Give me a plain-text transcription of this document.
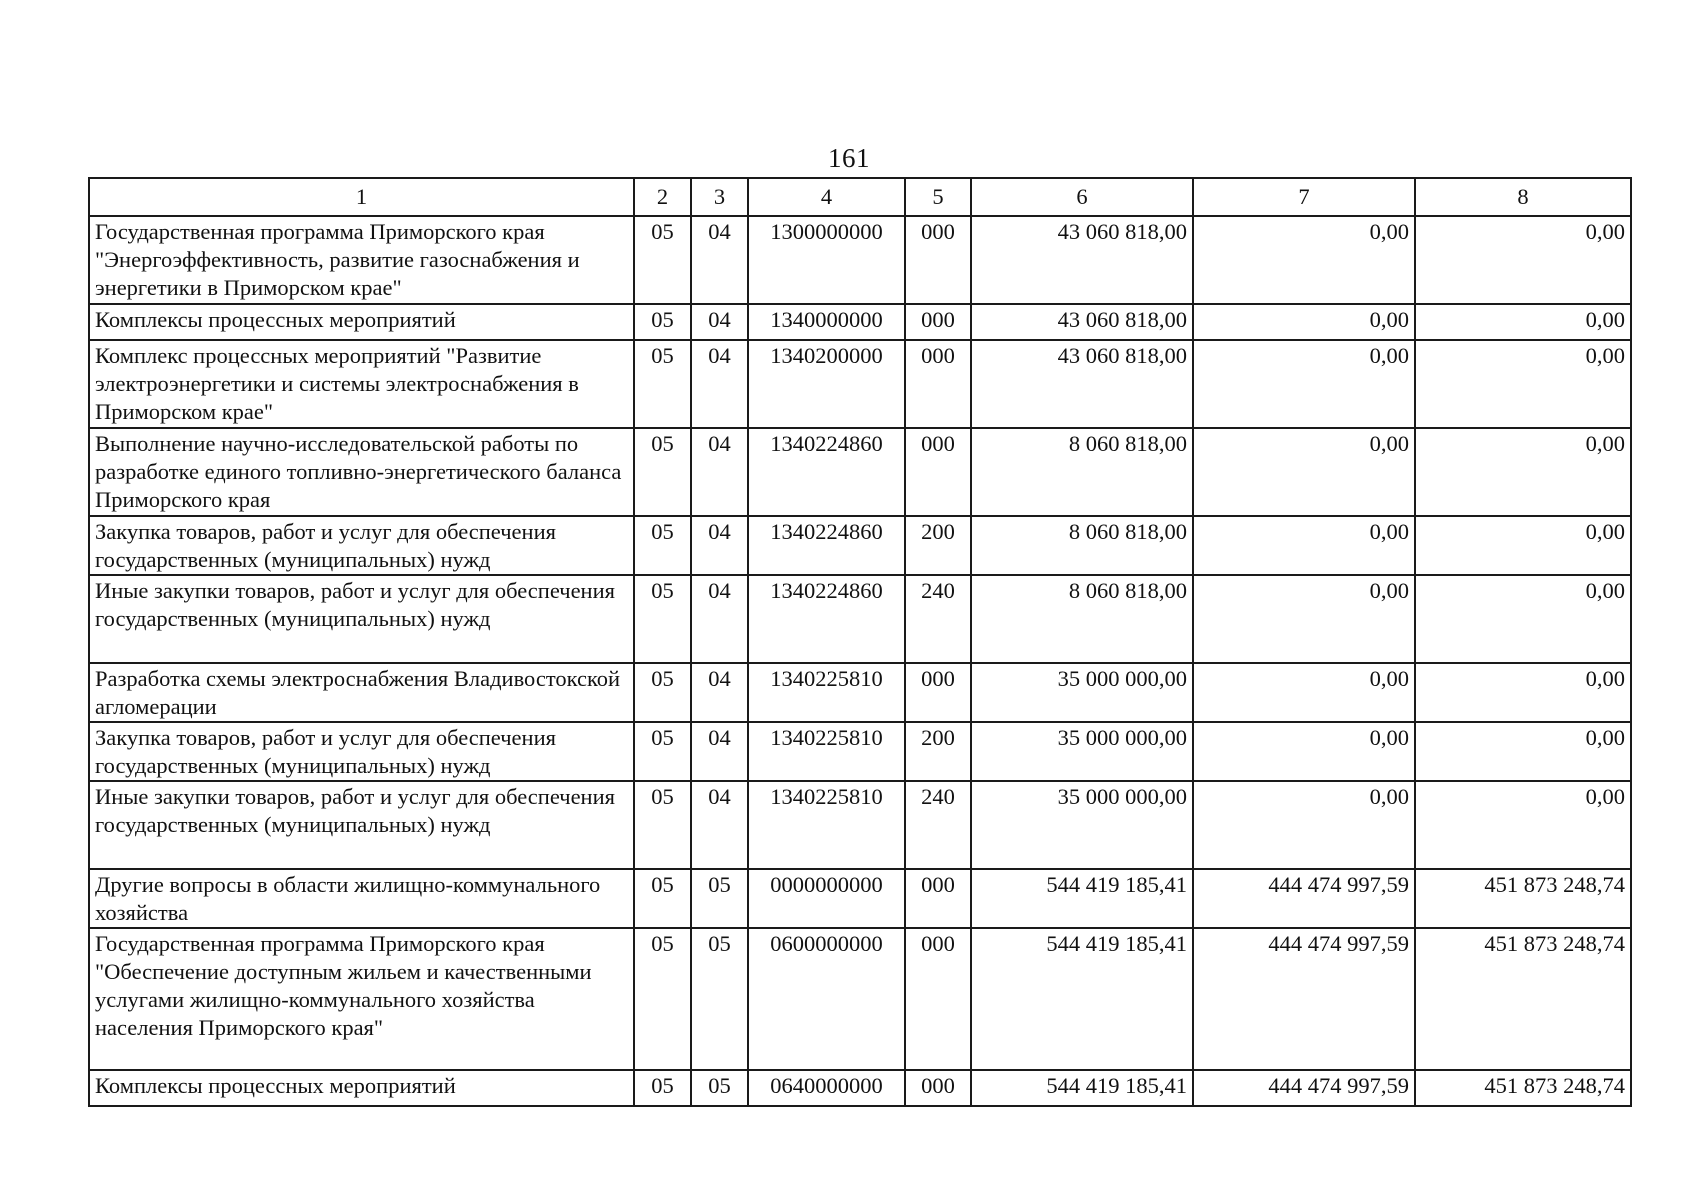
161
1	2	3	4	5	6	7	8
Государственная программа Приморского края "Энергоэффективность, развитие газоснабжения и энергетики в Приморском крае"	05	04	1300000000	000	43 060 818,00	0,00	0,00
Комплексы процессных мероприятий	05	04	1340000000	000	43 060 818,00	0,00	0,00
Комплекс процессных мероприятий "Развитие электроэнергетики и системы электроснабжения в Приморском крае"	05	04	1340200000	000	43 060 818,00	0,00	0,00
Выполнение научно-исследовательской работы по разработке единого топливно-энергетического баланса Приморского края	05	04	1340224860	000	8 060 818,00	0,00	0,00
Закупка товаров, работ и услуг для обеспечения государственных (муниципальных) нужд	05	04	1340224860	200	8 060 818,00	0,00	0,00
Иные закупки товаров, работ и услуг для обеспечения государственных (муниципальных) нужд	05	04	1340224860	240	8 060 818,00	0,00	0,00
Разработка схемы электроснабжения Владивостокской агломерации	05	04	1340225810	000	35 000 000,00	0,00	0,00
Закупка товаров, работ и услуг для обеспечения государственных (муниципальных) нужд	05	04	1340225810	200	35 000 000,00	0,00	0,00
Иные закупки товаров, работ и услуг для обеспечения государственных (муниципальных) нужд	05	04	1340225810	240	35 000 000,00	0,00	0,00
Другие вопросы в области жилищно-коммунального хозяйства	05	05	0000000000	000	544 419 185,41	444 474 997,59	451 873 248,74
Государственная программа Приморского края "Обеспечение доступным жильем и качественными услугами жилищно-коммунального хозяйства населения Приморского края"	05	05	0600000000	000	544 419 185,41	444 474 997,59	451 873 248,74
Комплексы процессных мероприятий	05	05	0640000000	000	544 419 185,41	444 474 997,59	451 873 248,74
